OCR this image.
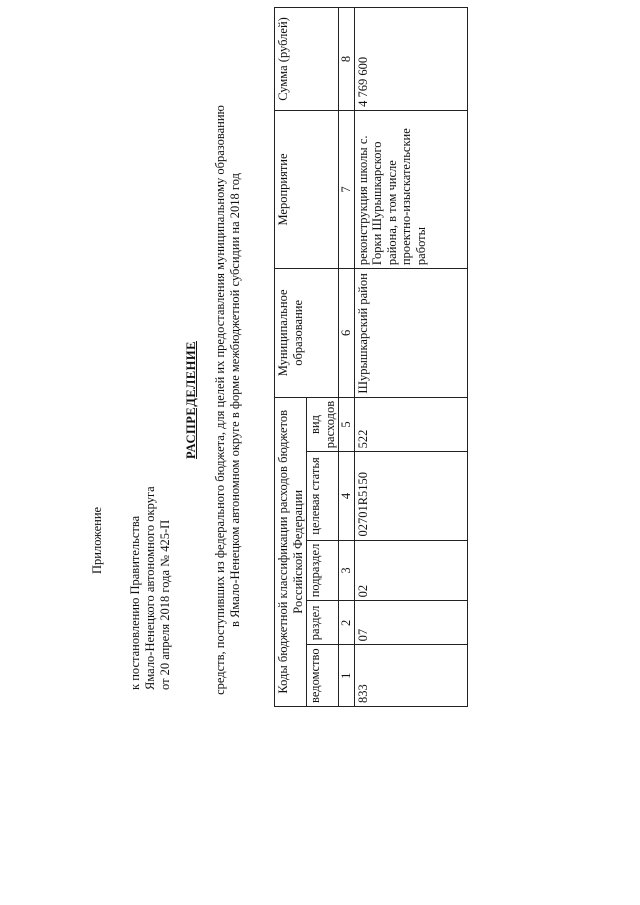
Приложение к постановлению Правительства Ямало-Ненецкого автономного округа от 20 апреля 2018 года № 425-П
РАСПРЕДЕЛЕНИЕ средств, поступивших из федерального бюджета, для целей их предоставления муниципальному образованию в Ямало-Ненецком автономном округе в форме межбюджетной субсидии на 2018 год	Коды бюджетной классификации расходов бюджетов Российской Федерации					Муниципальное образование	Мероприятие	Сумма (рублей)
ведомство	раздел	подраздел	целевая статья	вид расходов			
1	2	3	4	5	6	7	8
833	07	02	02701R5150	522	Шурышкарский район	реконструкция школы с. Горки Шурышкарского района, в том числе проектно-изыскательские работы	4 769 600
